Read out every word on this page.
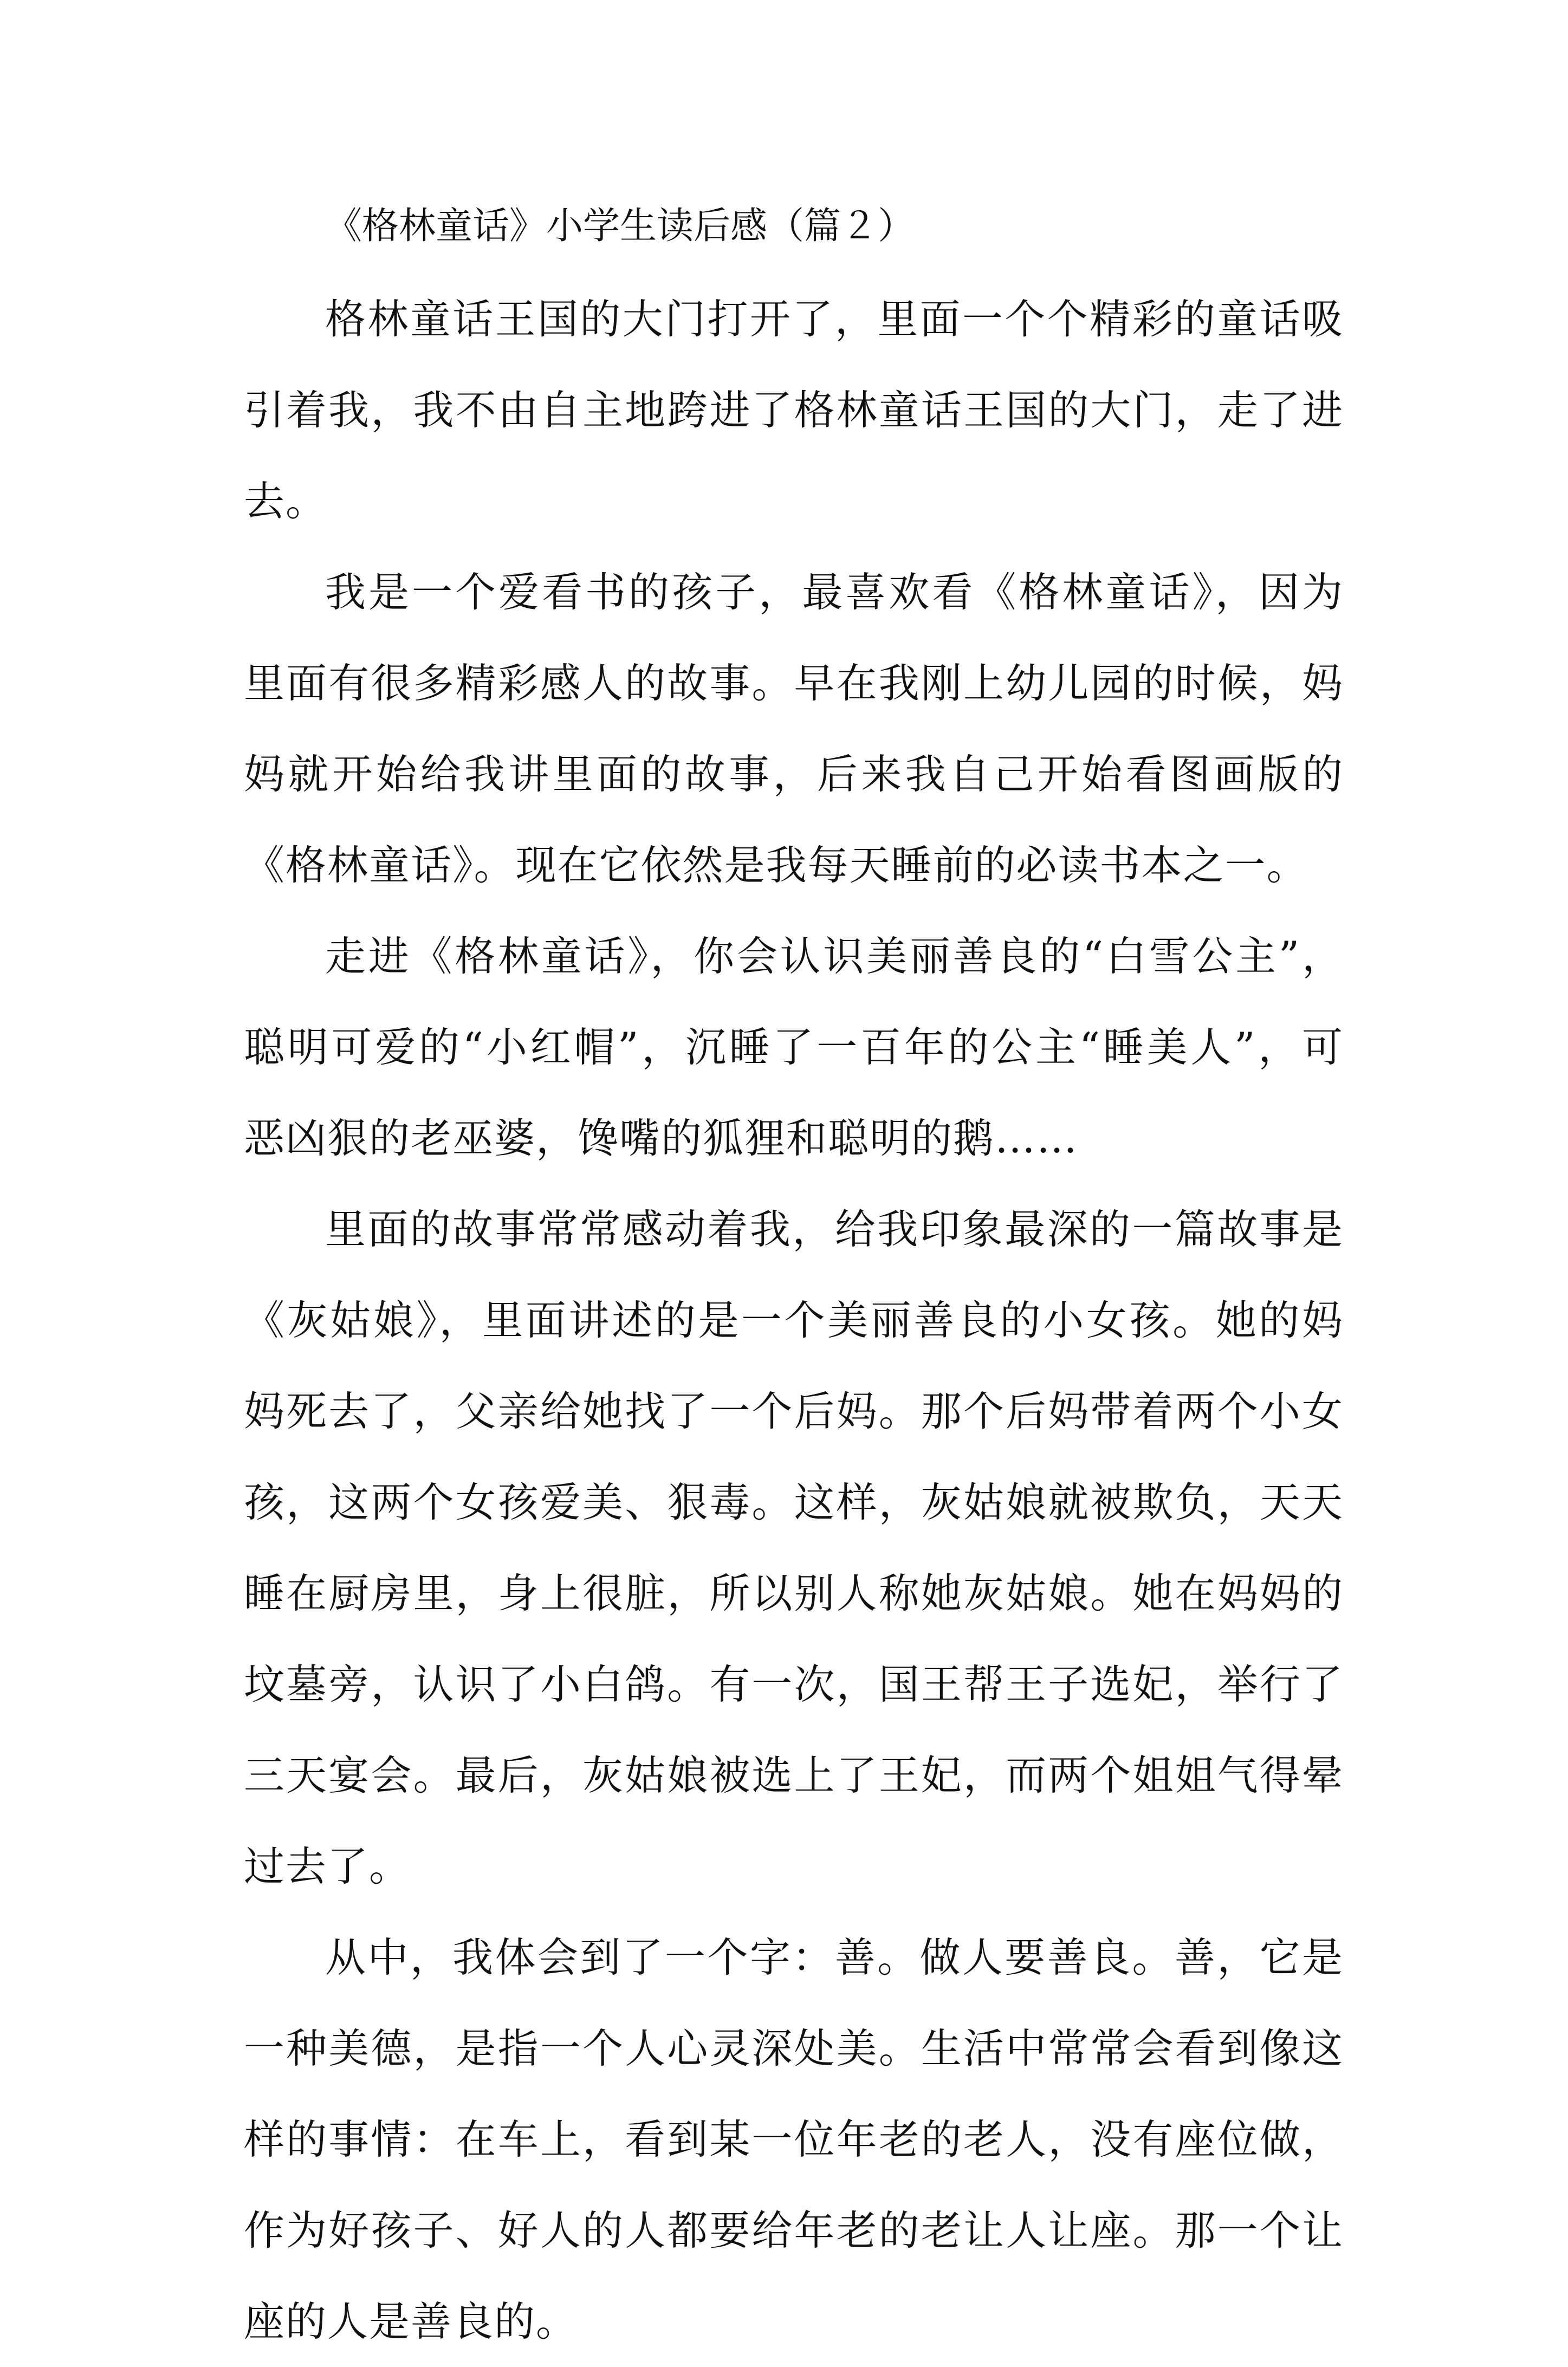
《格林童话》小学生读后感（篇２）
格林童话王国的大门打开了，里面一个个精彩的童话吸
引着我，我不由自主地跨进了格林童话王国的大门，走了进
去。
我是一个爱看书的孩子，最喜欢看《格林童话》，因为
里面有很多精彩感人的故事。早在我刚上幼儿园的时候，妈
妈就开始给我讲里面的故事，后来我自己开始看图画版的
《格林童话》。现在它依然是我每天睡前的必读书本之一。
走进《格林童话》，你会认识美丽善良的“白雪公主”，
聪明可爱的“小红帽”，沉睡了一百年的公主“睡美人”，可
恶凶狠的老巫婆，馋嘴的狐狸和聪明的鹅……
里面的故事常常感动着我，给我印象最深的一篇故事是
《灰姑娘》，里面讲述的是一个美丽善良的小女孩。她的妈
妈死去了，父亲给她找了一个后妈。那个后妈带着两个小女
孩，这两个女孩爱美、狠毒。这样，灰姑娘就被欺负，天天
睡在厨房里，身上很脏，所以别人称她灰姑娘。她在妈妈的
坟墓旁，认识了小白鸽。有一次，国王帮王子选妃，举行了
三天宴会。最后，灰姑娘被选上了王妃，而两个姐姐气得晕
过去了。
从中，我体会到了一个字：善。做人要善良。善，它是
一种美德，是指一个人心灵深处美。生活中常常会看到像这
样的事情：在车上，看到某一位年老的老人，没有座位做，
作为好孩子、好人的人都要给年老的老让人让座。那一个让
座的人是善良的。
